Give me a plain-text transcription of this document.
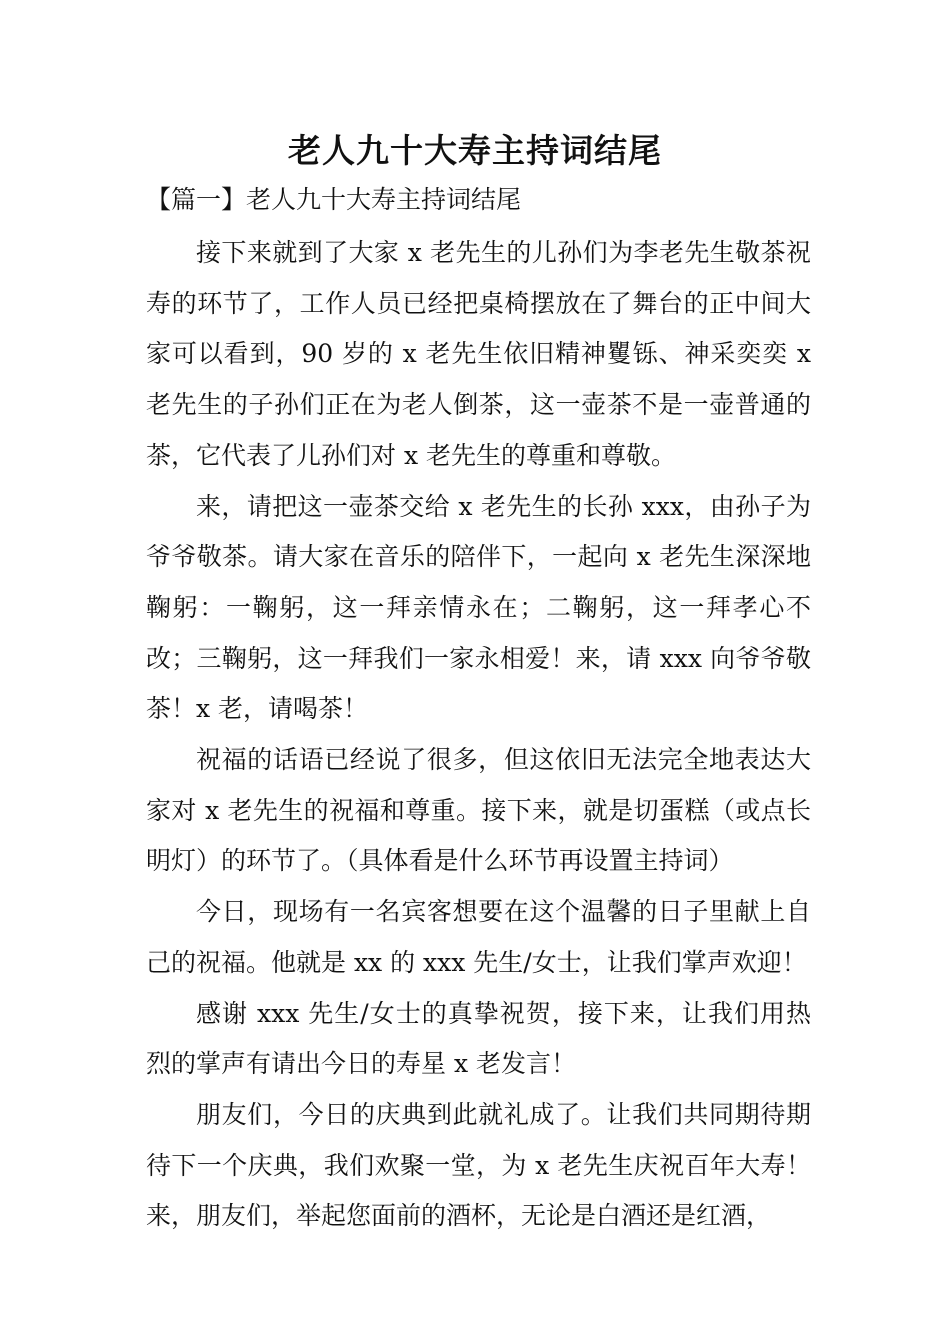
老人九十大寿主持词结尾

【篇一】老人九十大寿主持词结尾

接下来就到了大家 x 老先生的儿孙们为李老先生敬茶祝寿的环节了，工作人员已经把桌椅摆放在了舞台的正中间大家可以看到，90 岁的 x 老先生依旧精神矍铄、神采奕奕 x 老先生的子孙们正在为老人倒茶，这一壶茶不是一壶普通的茶，它代表了儿孙们对 x 老先生的尊重和尊敬。

来，请把这一壶茶交给 x 老先生的长孙 xxx，由孙子为爷爷敬茶。请大家在音乐的陪伴下，一起向 x 老先生深深地鞠躬：一鞠躬，这一拜亲情永在；二鞠躬，这一拜孝心不改；三鞠躬，这一拜我们一家永相爱！来，请 xxx 向爷爷敬茶！x 老，请喝茶！

祝福的话语已经说了很多，但这依旧无法完全地表达大家对 x 老先生的祝福和尊重。接下来，就是切蛋糕（或点长明灯）的环节了。（具体看是什么环节再设置主持词）

今日，现场有一名宾客想要在这个温馨的日子里献上自己的祝福。他就是 xx 的 xxx 先生/女士，让我们掌声欢迎！

感谢 xxx 先生/女士的真挚祝贺，接下来，让我们用热烈的掌声有请出今日的寿星 x 老发言！

朋友们，今日的庆典到此就礼成了。让我们共同期待期待下一个庆典，我们欢聚一堂，为 x 老先生庆祝百年大寿！来，朋友们，举起您面前的酒杯，无论是白酒还是红酒，
